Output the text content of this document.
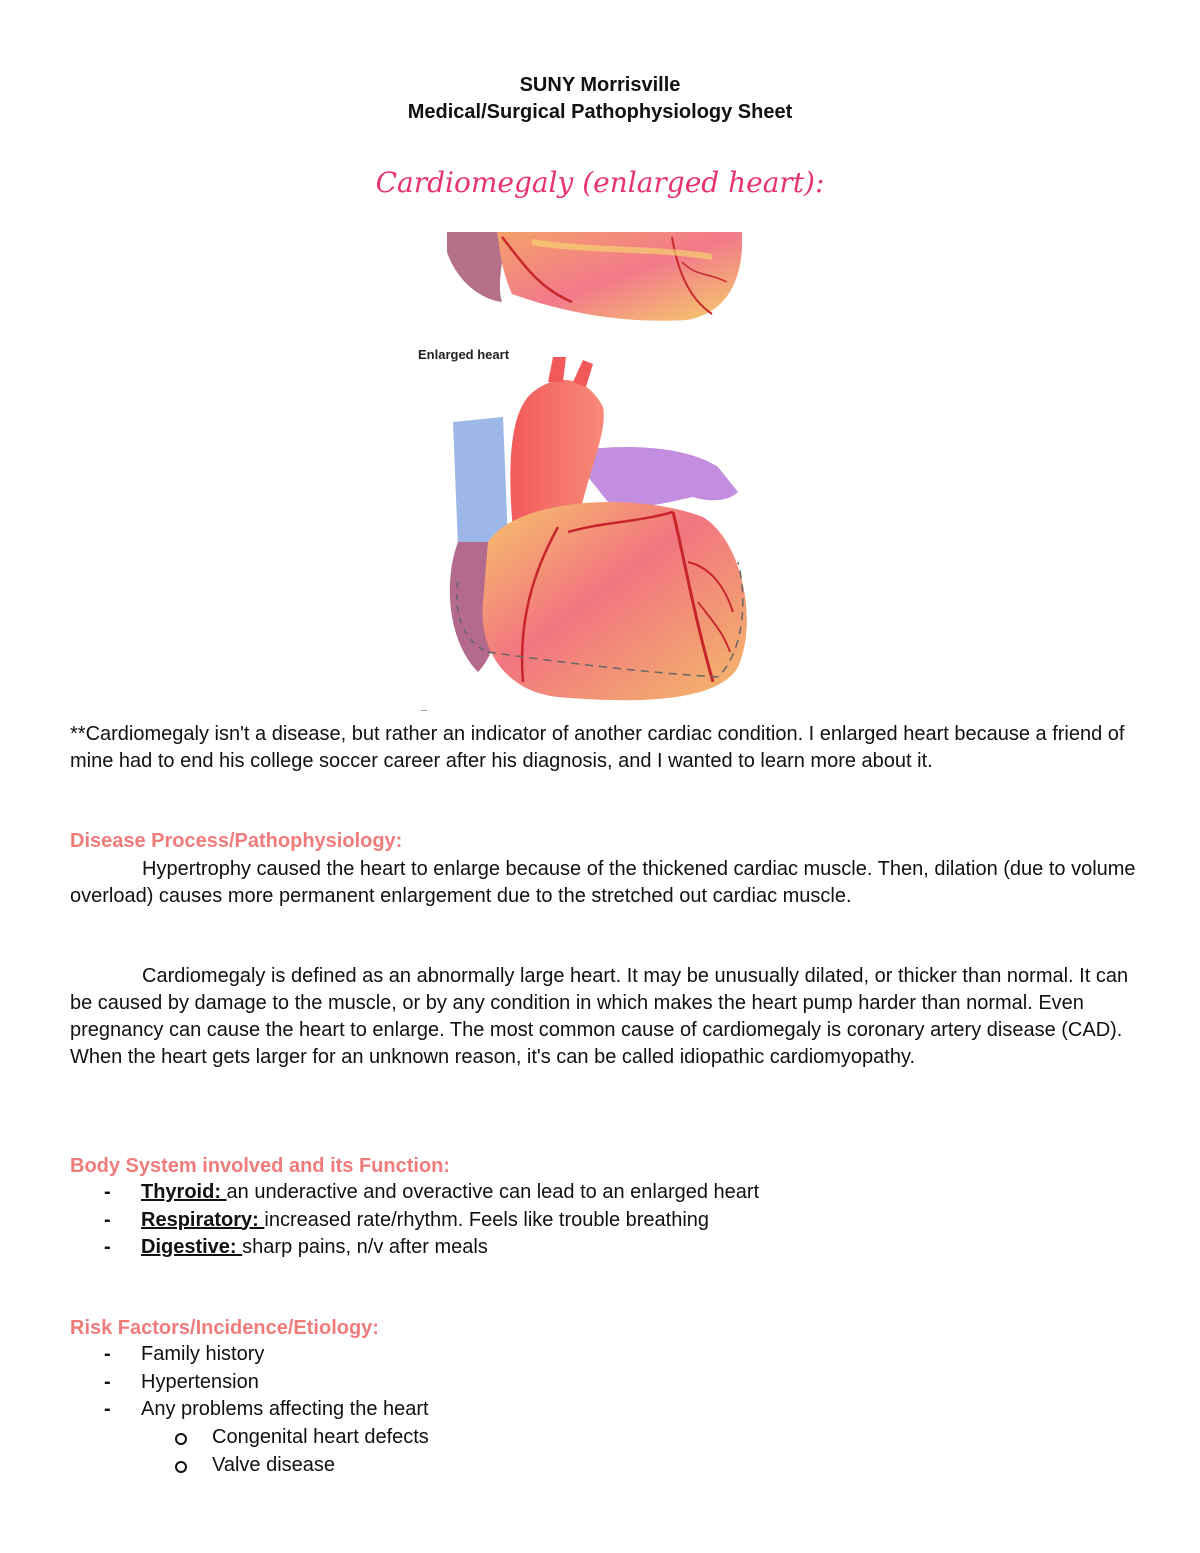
SUNY Morrisville
Medical/Surgical Pathophysiology Sheet
Cardiomegaly (enlarged heart):
Enlarged heart
--
**Cardiomegaly isn't a disease, but rather an indicator of another cardiac condition. I enlarged heart because a friend of mine had to end his college soccer career after his diagnosis, and I wanted to learn more about it.
Disease Process/Pathophysiology:
Hypertrophy caused the heart to enlarge because of the thickened cardiac muscle. Then, dilation (due to volume overload) causes more permanent enlargement due to the stretched out cardiac muscle.
Cardiomegaly is defined as an abnormally large heart. It may be unusually dilated, or thicker than normal. It can be caused by damage to the muscle, or by any condition in which makes the heart pump harder than normal. Even pregnancy can cause the heart to enlarge. The most common cause of cardiomegaly is coronary artery disease (CAD). When the heart gets larger for an unknown reason, it's can be called idiopathic cardiomyopathy.
Body System involved and its Function:
- Thyroid: an underactive and overactive can lead to an enlarged heart
- Respiratory: increased rate/rhythm. Feels like trouble breathing
- Digestive: sharp pains, n/v after meals
Risk Factors/Incidence/Etiology:
- Family history
- Hypertension
- Any problems affecting the heart
Congenital heart defects
Valve disease
